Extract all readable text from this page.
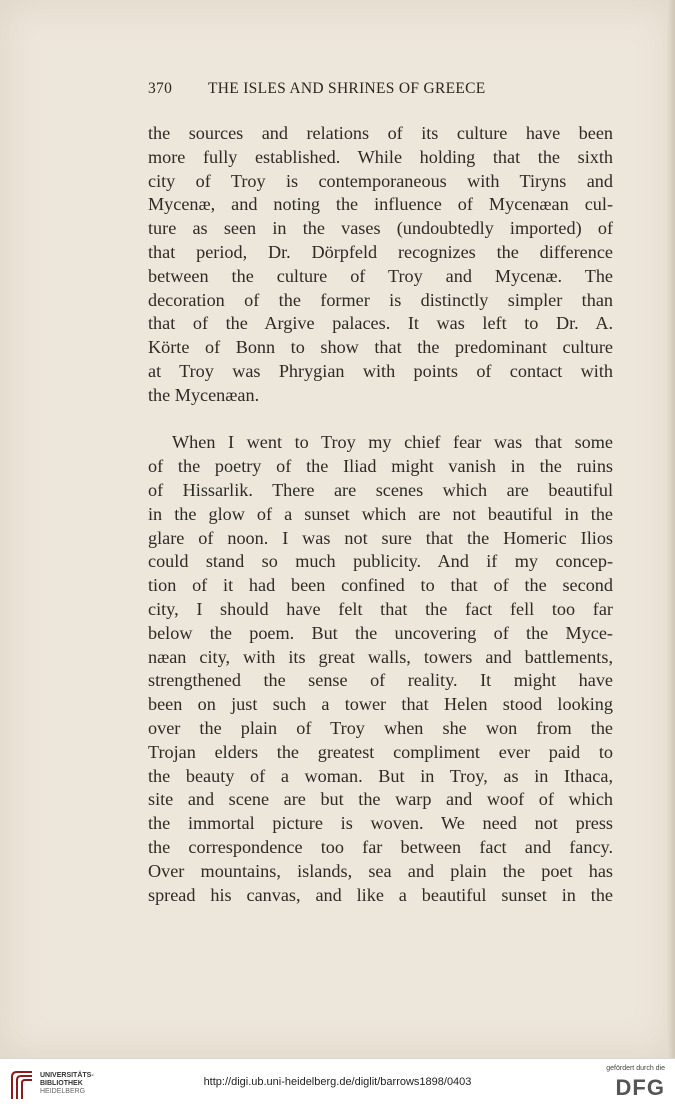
370 THE ISLES AND SHRINES OF GREECE
the sources and relations of its culture have been
more fully established. While holding that the sixth
city of Troy is contemporaneous with Tiryns and
Mycenæ, and noting the influence of Mycenæan cul-
ture as seen in the vases (undoubtedly imported) of
that period, Dr. Dörpfeld recognizes the difference
between the culture of Troy and Mycenæ. The
decoration of the former is distinctly simpler than
that of the Argive palaces. It was left to Dr. A.
Körte of Bonn to show that the predominant culture
at Troy was Phrygian with points of contact with
the Mycenæan.
When I went to Troy my chief fear was that some
of the poetry of the Iliad might vanish in the ruins
of Hissarlik. There are scenes which are beautiful
in the glow of a sunset which are not beautiful in the
glare of noon. I was not sure that the Homeric Ilios
could stand so much publicity. And if my concep-
tion of it had been confined to that of the second
city, I should have felt that the fact fell too far
below the poem. But the uncovering of the Myce-
næan city, with its great walls, towers and battlements,
strengthened the sense of reality. It might have
been on just such a tower that Helen stood looking
over the plain of Troy when she won from the
Trojan elders the greatest compliment ever paid to
the beauty of a woman. But in Troy, as in Ithaca,
site and scene are but the warp and woof of which
the immortal picture is woven. We need not press
the correspondence too far between fact and fancy.
Over mountains, islands, sea and plain the poet has
spread his canvas, and like a beautiful sunset in the
UNIVERSITÄTS-
BIBLIOTHEK
HEIDELBERG
http://digi.ub.uni-heidelberg.de/diglit/barrows1898/0403
gefördert durch die
DFG
